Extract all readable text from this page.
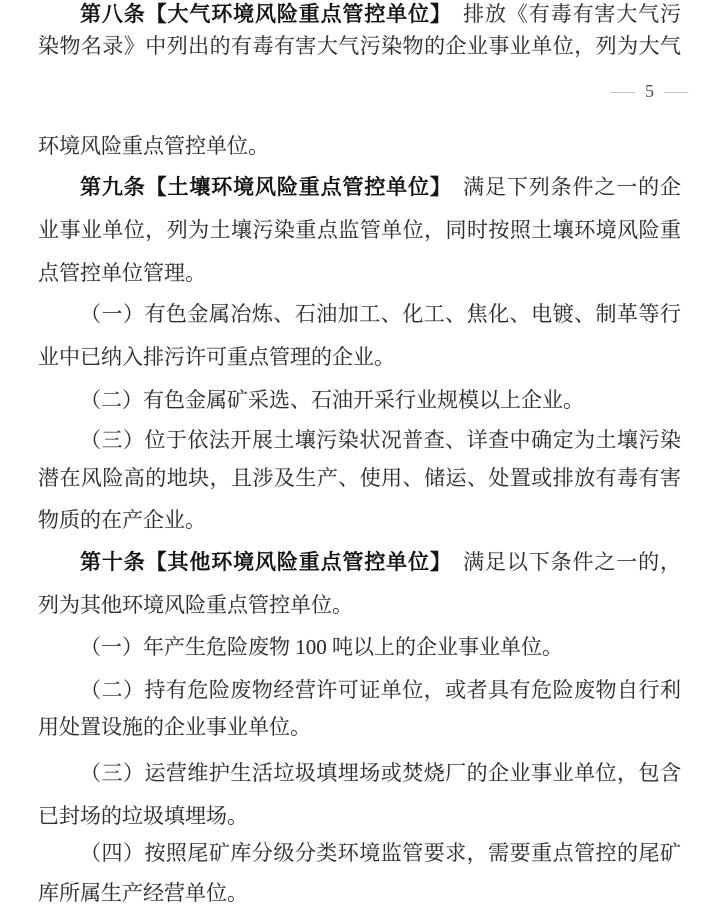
第八条【大气环境风险重点管控单位】　排放《有毒有害大气污
染物名录》中列出的有毒有害大气污染物的企业事业单位，列为大气
环境风险重点管控单位。
第九条【土壤环境风险重点管控单位】　满足下列条件之一的企
业事业单位，列为土壤污染重点监管单位，同时按照土壤环境风险重
点管控单位管理。
（一）有色金属冶炼、石油加工、化工、焦化、电镀、制革等行
业中已纳入排污许可重点管理的企业。
（二）有色金属矿采选、石油开采行业规模以上企业。
（三）位于依法开展土壤污染状况普查、详查中确定为土壤污染
潜在风险高的地块，且涉及生产、使用、储运、处置或排放有毒有害
物质的在产企业。
第十条【其他环境风险重点管控单位】　满足以下条件之一的，
列为其他环境风险重点管控单位。
（一）年产生危险废物 100 吨以上的企业事业单位。
（二）持有危险废物经营许可证单位，或者具有危险废物自行利
用处置设施的企业事业单位。
（三）运营维护生活垃圾填埋场或焚烧厂的企业事业单位，包含
已封场的垃圾填埋场。
（四）按照尾矿库分级分类环境监管要求，需要重点管控的尾矿
库所属生产经营单位。
— 5 —
